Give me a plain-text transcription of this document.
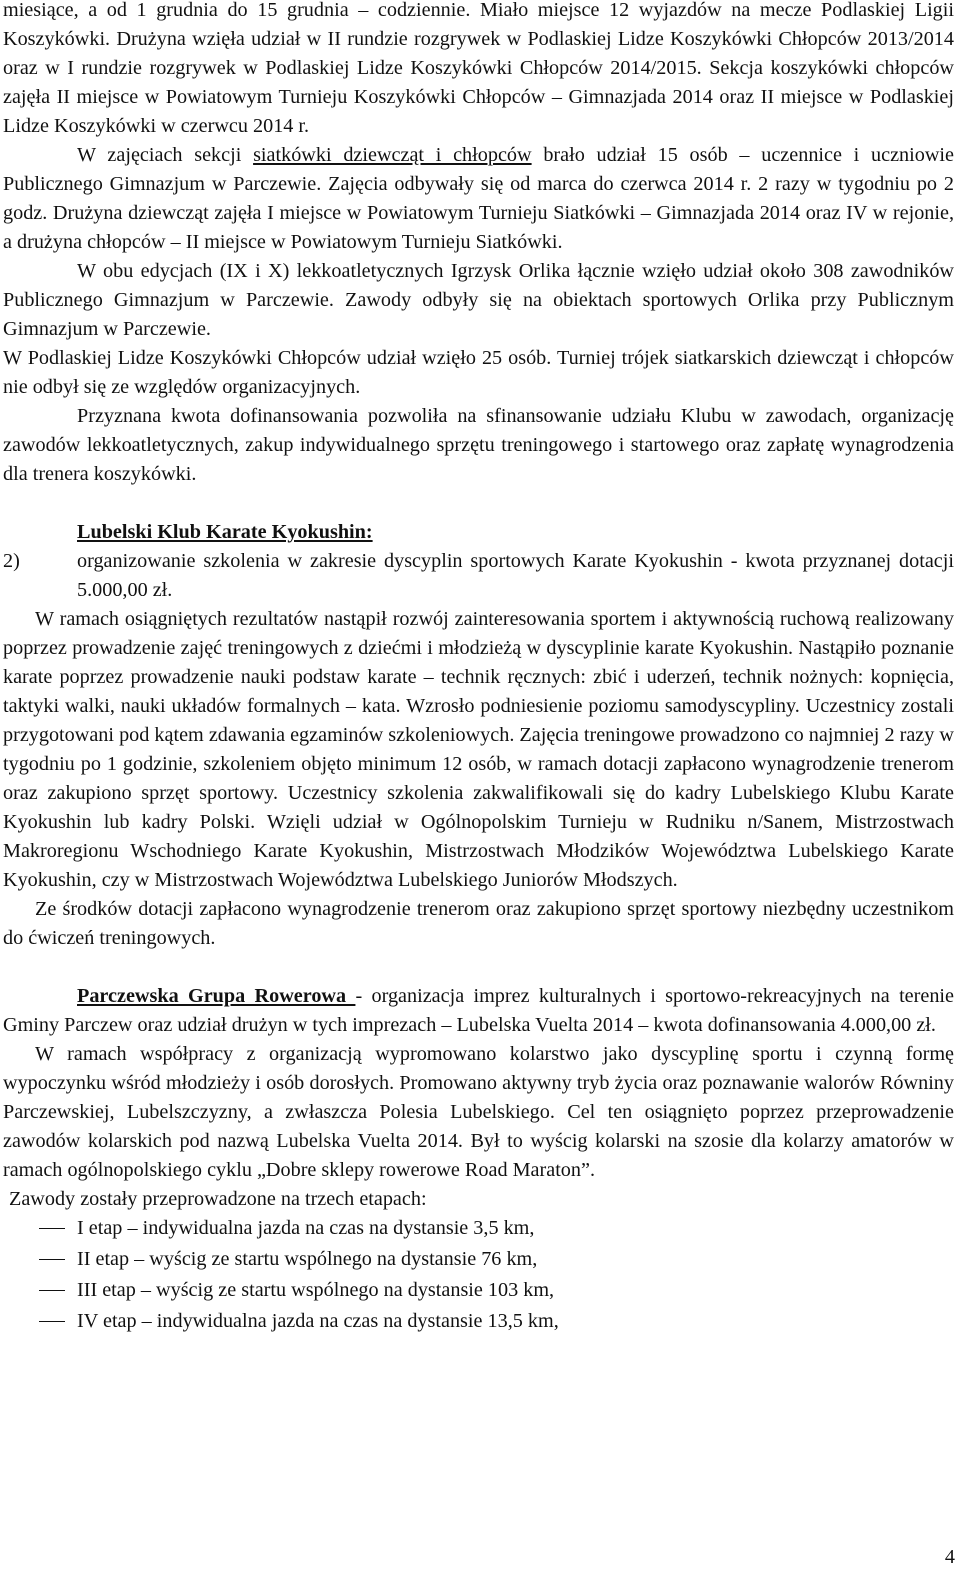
miesiące, a od 1 grudnia do 15 grudnia – codziennie. Miało miejsce 12 wyjazdów na mecze Podlaskiej Ligii Koszykówki. Drużyna wzięła udział w II rundzie rozgrywek w Podlaskiej Lidze Koszykówki Chłopców 2013/2014 oraz w I rundzie rozgrywek w Podlaskiej Lidze Koszykówki Chłopców 2014/2015. Sekcja koszykówki chłopców zajęła II miejsce w Powiatowym Turnieju Koszykówki Chłopców – Gimnazjada 2014 oraz II miejsce w Podlaskiej Lidze Koszykówki w czerwcu 2014 r.

W zajęciach sekcji siatkówki dziewcząt i chłopców brało udział 15 osób – uczennice i uczniowie Publicznego Gimnazjum w Parczewie. Zajęcia odbywały się od marca do czerwca 2014 r. 2 razy w tygodniu po 2 godz. Drużyna dziewcząt zajęła I miejsce w Powiatowym Turnieju Siatkówki – Gimnazjada 2014 oraz IV w rejonie, a drużyna chłopców – II miejsce w Powiatowym Turnieju Siatkówki.

W obu edycjach (IX i X) lekkoatletycznych Igrzysk Orlika łącznie wzięło udział około 308 zawodników Publicznego Gimnazjum w Parczewie. Zawody odbyły się na obiektach sportowych Orlika przy Publicznym Gimnazjum w Parczewie.

W Podlaskiej Lidze Koszykówki Chłopców udział wzięło 25 osób. Turniej trójek siatkarskich dziewcząt i chłopców nie odbył się ze względów organizacyjnych.

Przyznana kwota dofinansowania pozwoliła na sfinansowanie udziału Klubu w zawodach, organizację zawodów lekkoatletycznych, zakup indywidualnego sprzętu treningowego i startowego oraz zapłatę wynagrodzenia dla trenera koszykówki.

Lubelski Klub Karate Kyokushin:

2)	organizowanie szkolenia w zakresie dyscyplin sportowych Karate Kyokushin - kwota przyznanej dotacji 5.000,00 zł.

W ramach osiągniętych rezultatów nastąpił rozwój zainteresowania sportem i aktywnością ruchową realizowany poprzez prowadzenie zajęć treningowych z dziećmi i młodzieżą w dyscyplinie karate Kyokushin. Nastąpiło poznanie karate poprzez prowadzenie nauki podstaw karate – technik ręcznych: zbić i uderzeń, technik nożnych: kopnięcia, taktyki walki, nauki układów formalnych – kata. Wzrosło podniesienie poziomu samodyscypliny. Uczestnicy zostali przygotowani pod kątem zdawania egzaminów szkoleniowych. Zajęcia treningowe prowadzono co najmniej 2 razy w tygodniu po 1 godzinie, szkoleniem objęto minimum 12 osób, w ramach dotacji zapłacono wynagrodzenie trenerom oraz zakupiono sprzęt sportowy. Uczestnicy szkolenia zakwalifikowali się do kadry Lubelskiego Klubu Karate Kyokushin lub kadry Polski. Wzięli udział w Ogólnopolskim Turnieju w Rudniku n/Sanem, Mistrzostwach Makroregionu Wschodniego Karate Kyokushin, Mistrzostwach Młodzików Województwa Lubelskiego Karate Kyokushin, czy w Mistrzostwach Województwa Lubelskiego Juniorów Młodszych.

Ze środków dotacji zapłacono wynagrodzenie trenerom oraz zakupiono sprzęt sportowy niezbędny uczestnikom do ćwiczeń treningowych.

Parczewska Grupa Rowerowa - organizacja imprez kulturalnych i sportowo-rekreacyjnych na terenie Gminy Parczew oraz udział drużyn w tych imprezach – Lubelska Vuelta 2014 – kwota dofinansowania 4.000,00 zł.

W ramach współpracy z organizacją wypromowano kolarstwo jako dyscyplinę sportu i czynną formę wypoczynku wśród młodzieży i osób dorosłych. Promowano aktywny tryb życia oraz poznawanie walorów Równiny Parczewskiej, Lubelszczyzny, a zwłaszcza Polesia Lubelskiego. Cel ten osiągnięto poprzez przeprowadzenie zawodów kolarskich pod nazwą Lubelska Vuelta 2014. Był to wyścig kolarski na szosie dla kolarzy amatorów w ramach ogólnopolskiego cyklu „Dobre sklepy rowerowe Road Maraton”.

Zawody zostały przeprowadzone na trzech etapach:

I etap – indywidualna jazda na czas na dystansie 3,5 km,
II etap – wyścig ze startu wspólnego na dystansie 76 km,
III etap – wyścig ze startu wspólnego na dystansie 103 km,
IV etap – indywidualna jazda na czas na dystansie 13,5 km,
4
